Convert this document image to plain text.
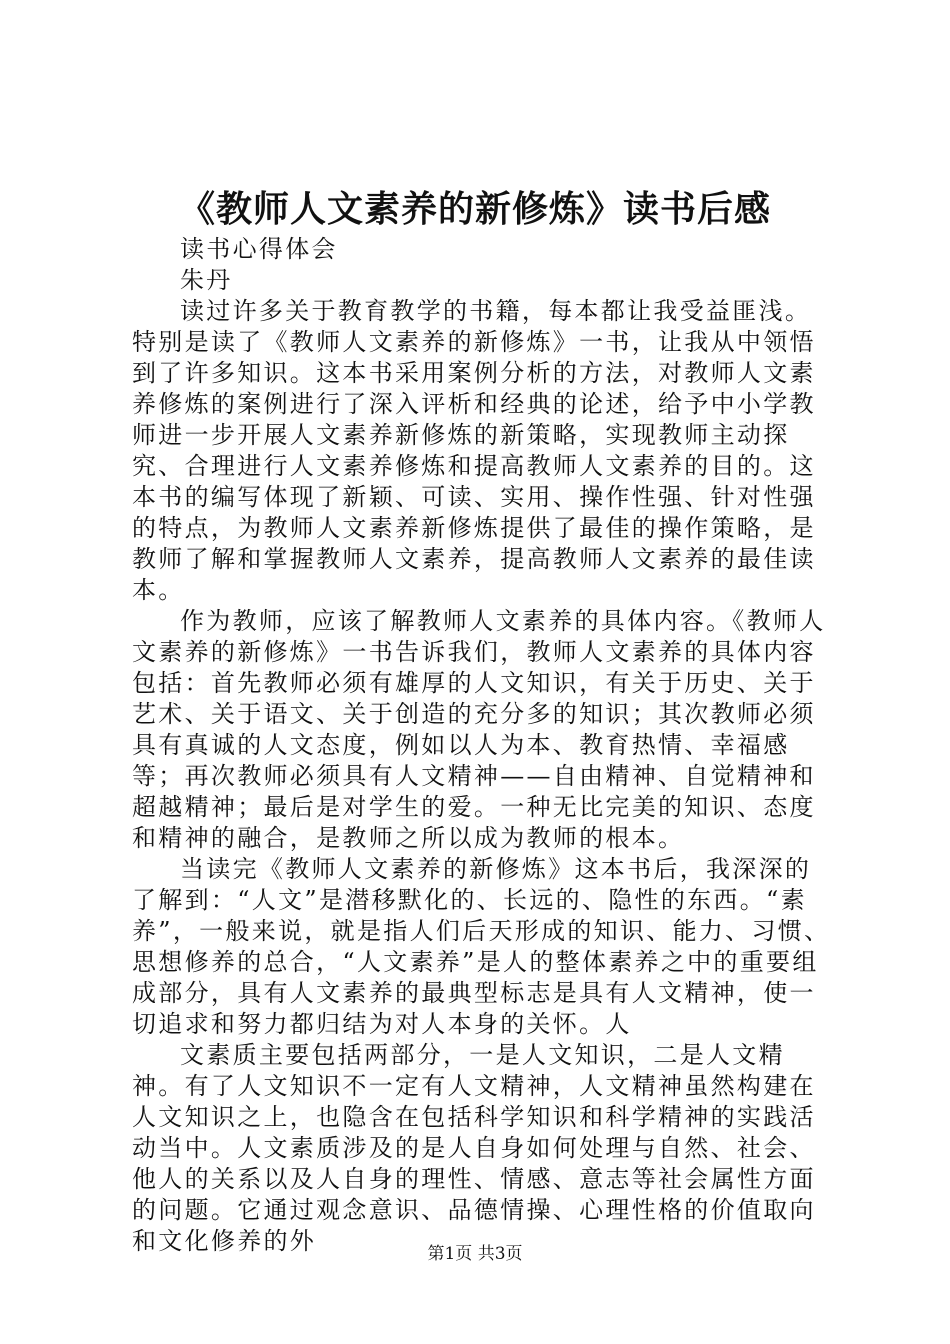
《教师人文素养的新修炼》读书后感
读书心得体会
朱丹
读过许多关于教育教学的书籍，每本都让我受益匪浅。特别是读了《教师人文素养的新修炼》一书，让我从中领悟到了许多知识。这本书采用案例分析的方法，对教师人文素养修炼的案例进行了深入评析和经典的论述，给予中小学教师进一步开展人文素养新修炼的新策略，实现教师主动探究、合理进行人文素养修炼和提高教师人文素养的目的。这本书的编写体现了新颖、可读、实用、操作性强、针对性强的特点，为教师人文素养新修炼提供了最佳的操作策略，是教师了解和掌握教师人文素养，提高教师人文素养的最佳读本。
作为教师，应该了解教师人文素养的具体内容。《教师人文素养的新修炼》一书告诉我们，教师人文素养的具体内容包括：首先教师必须有雄厚的人文知识，有关于历史、关于艺术、关于语文、关于创造的充分多的知识；其次教师必须具有真诚的人文态度，例如以人为本、教育热情、幸福感等；再次教师必须具有人文精神——自由精神、自觉精神和超越精神；最后是对学生的爱。一种无比完美的知识、态度和精神的融合，是教师之所以成为教师的根本。
当读完《教师人文素养的新修炼》这本书后，我深深的了解到：“人文”是潜移默化的、长远的、隐性的东西。“素养”，一般来说，就是指人们后天形成的知识、能力、习惯、思想修养的总合，“人文素养”是人的整体素养之中的重要组成部分，具有人文素养的最典型标志是具有人文精神，使一切追求和努力都归结为对人本身的关怀。人
文素质主要包括两部分，一是人文知识，二是人文精神。有了人文知识不一定有人文精神，人文精神虽然构建在人文知识之上，也隐含在包括科学知识和科学精神的实践活动当中。人文素质涉及的是人自身如何处理与自然、社会、他人的关系以及人自身的理性、情感、意志等社会属性方面的问题。它通过观念意识、品德情操、心理性格的价值取向和文化修养的外	第1页 共3页
